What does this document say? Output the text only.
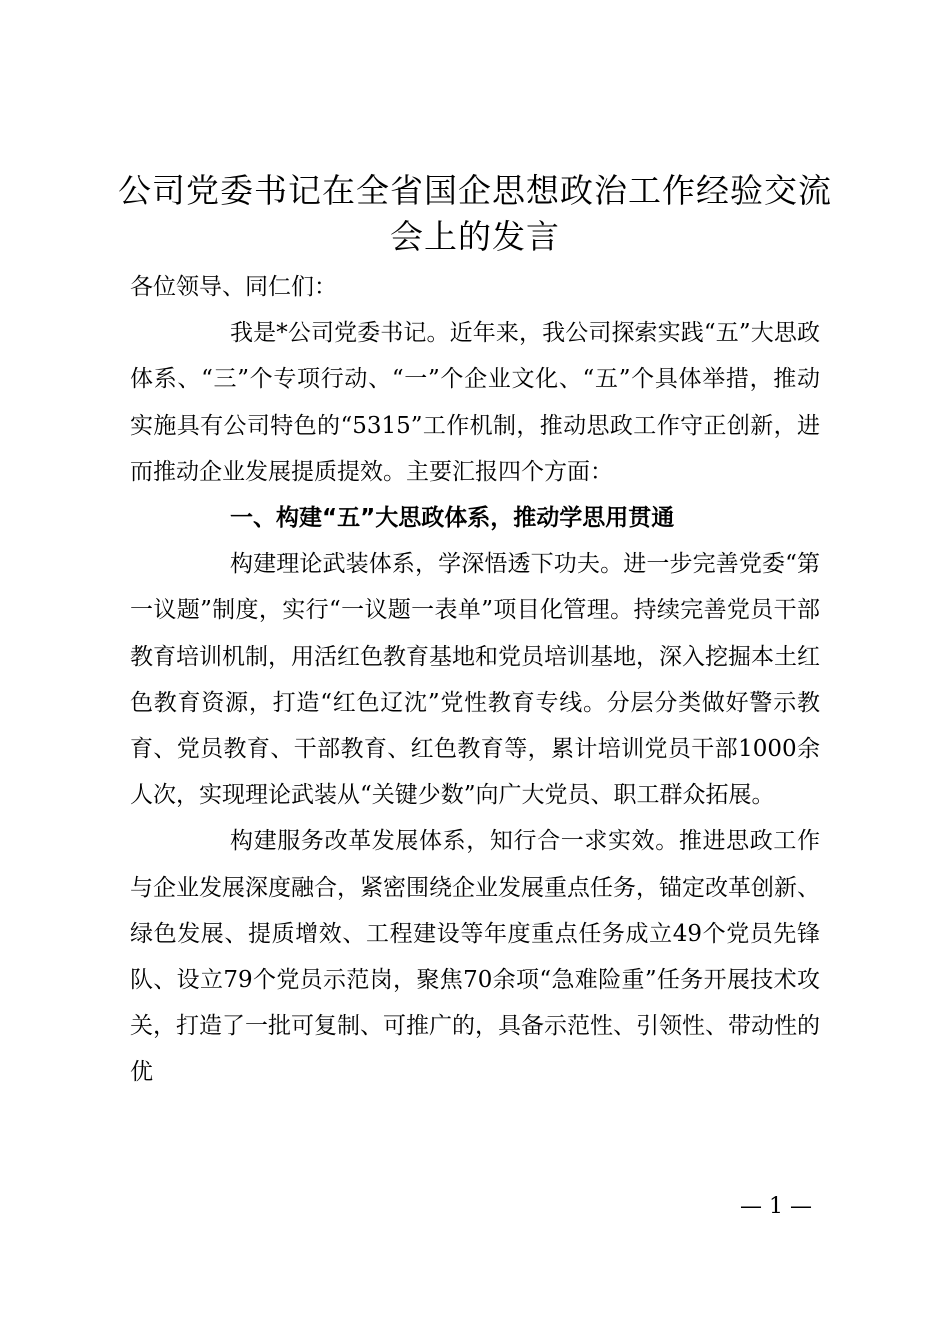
公司党委书记在全省国企思想政治工作经验交流会上的发言

各位领导、同仁们：

我是*公司党委书记。近年来，我公司探索实践“五”大思政体系、“三”个专项行动、“一”个企业文化、“五”个具体举措，推动实施具有公司特色的“5315”工作机制，推动思政工作守正创新，进而推动企业发展提质提效。主要汇报四个方面：

一、构建“五”大思政体系，推动学思用贯通

构建理论武装体系，学深悟透下功夫。进一步完善党委“第一议题”制度，实行“一议题一表单”项目化管理。持续完善党员干部教育培训机制，用活红色教育基地和党员培训基地，深入挖掘本土红色教育资源，打造“红色辽沈”党性教育专线。分层分类做好警示教育、党员教育、干部教育、红色教育等，累计培训党员干部1000余人次，实现理论武装从“关键少数”向广大党员、职工群众拓展。

构建服务改革发展体系，知行合一求实效。推进思政工作与企业发展深度融合，紧密围绕企业发展重点任务，锚定改革创新、绿色发展、提质增效、工程建设等年度重点任务成立49个党员先锋队、设立79个党员示范岗，聚焦70余项“急难险重”任务开展技术攻关，打造了一批可复制、可推广的，具备示范性、引领性、带动性的优

— 1 —
